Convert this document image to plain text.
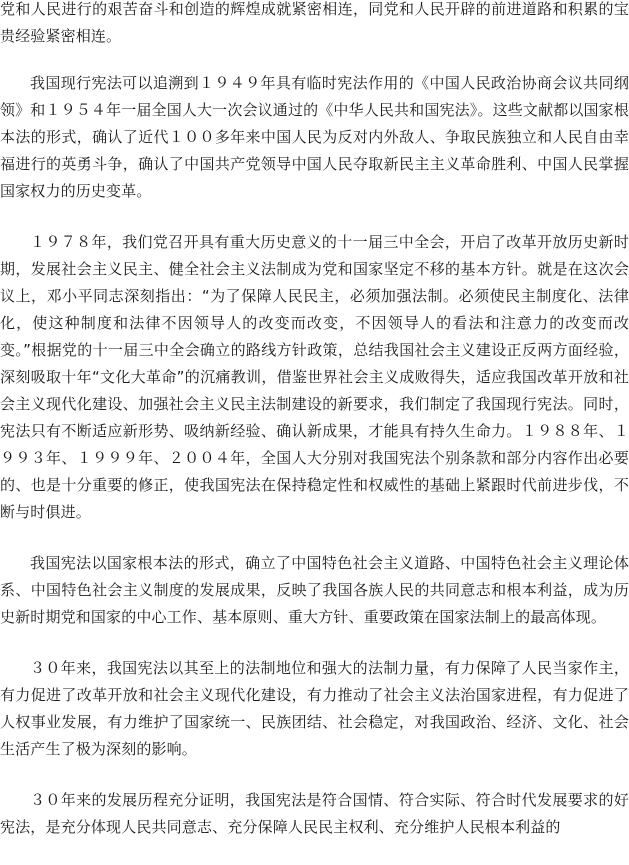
党和人民进行的艰苦奋斗和创造的辉煌成就紧密相连，同党和人民开辟的前进道路和积累的宝贵经验紧密相连。

我国现行宪法可以追溯到１９４９年具有临时宪法作用的《中国人民政治协商会议共同纲领》和１９５４年一届全国人大一次会议通过的《中华人民共和国宪法》。这些文献都以国家根本法的形式，确认了近代１００多年来中国人民为反对内外敌人、争取民族独立和人民自由幸福进行的英勇斗争，确认了中国共产党领导中国人民夺取新民主主义革命胜利、中国人民掌握国家权力的历史变革。

１９７８年，我们党召开具有重大历史意义的十一届三中全会，开启了改革开放历史新时期，发展社会主义民主、健全社会主义法制成为党和国家坚定不移的基本方针。就是在这次会议上，邓小平同志深刻指出：“为了保障人民民主，必须加强法制。必须使民主制度化、法律化，使这种制度和法律不因领导人的改变而改变，不因领导人的看法和注意力的改变而改变。”根据党的十一届三中全会确立的路线方针政策，总结我国社会主义建设正反两方面经验，深刻吸取十年“文化大革命”的沉痛教训，借鉴世界社会主义成败得失，适应我国改革开放和社会主义现代化建设、加强社会主义民主法制建设的新要求，我们制定了我国现行宪法。同时，宪法只有不断适应新形势、吸纳新经验、确认新成果，才能具有持久生命力。１９８８年、１９９３年、１９９９年、２００４年，全国人大分别对我国宪法个别条款和部分内容作出必要的、也是十分重要的修正，使我国宪法在保持稳定性和权威性的基础上紧跟时代前进步伐，不断与时俱进。

我国宪法以国家根本法的形式，确立了中国特色社会主义道路、中国特色社会主义理论体系、中国特色社会主义制度的发展成果，反映了我国各族人民的共同意志和根本利益，成为历史新时期党和国家的中心工作、基本原则、重大方针、重要政策在国家法制上的最高体现。

３０年来，我国宪法以其至上的法制地位和强大的法制力量，有力保障了人民当家作主，有力促进了改革开放和社会主义现代化建设，有力推动了社会主义法治国家进程，有力促进了人权事业发展，有力维护了国家统一、民族团结、社会稳定，对我国政治、经济、文化、社会生活产生了极为深刻的影响。

３０年来的发展历程充分证明，我国宪法是符合国情、符合实际、符合时代发展要求的好宪法，是充分体现人民共同意志、充分保障人民民主权利、充分维护人民根本利益的
